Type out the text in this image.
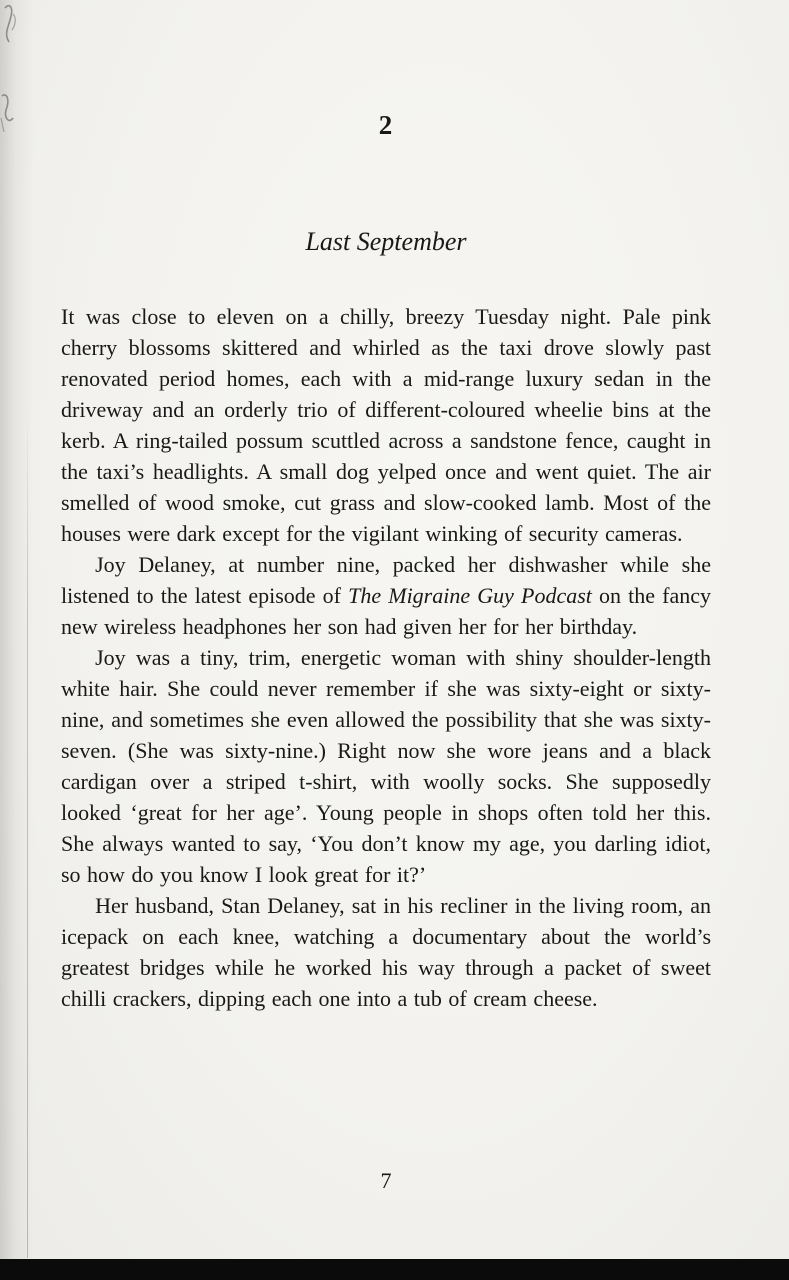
2
Last September

It was close to eleven on a chilly, breezy Tuesday night. Pale pink cherry blossoms skittered and whirled as the taxi drove slowly past renovated period homes, each with a mid-range luxury sedan in the driveway and an orderly trio of different-coloured wheelie bins at the kerb. A ring-tailed possum scuttled across a sandstone fence, caught in the taxi’s headlights. A small dog yelped once and went quiet. The air smelled of wood smoke, cut grass and slow-cooked lamb. Most of the houses were dark except for the vigilant winking of security cameras.

Joy Delaney, at number nine, packed her dishwasher while she listened to the latest episode of The Migraine Guy Podcast on the fancy new wireless headphones her son had given her for her birthday.

Joy was a tiny, trim, energetic woman with shiny shoulder-length white hair. She could never remember if she was sixty-eight or sixty-nine, and sometimes she even allowed the possibility that she was sixty-seven. (She was sixty-nine.) Right now she wore jeans and a black cardigan over a striped t-shirt, with woolly socks. She supposedly looked ‘great for her age’. Young people in shops often told her this. She always wanted to say, ‘You don’t know my age, you darling idiot, so how do you know I look great for it?’

Her husband, Stan Delaney, sat in his recliner in the living room, an icepack on each knee, watching a documentary about the world’s greatest bridges while he worked his way through a packet of sweet chilli crackers, dipping each one into a tub of cream cheese.

7
